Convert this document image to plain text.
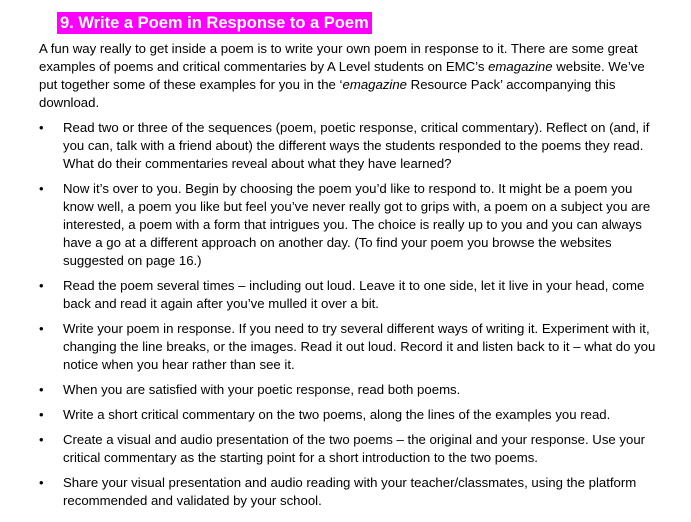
9. Write a Poem in Response to a Poem

A fun way really to get inside a poem is to write your own poem in response to it. There are some great examples of poems and critical commentaries by A Level students on EMC’s emagazine website. We’ve put together some of these examples for you in the ‘emagazine Resource Pack’ accompanying this download.

•	Read two or three of the sequences (poem, poetic response, critical commentary). Reflect on (and, if you can, talk with a friend about) the different ways the students responded to the poems they read. What do their commentaries reveal about what they have learned?
•	Now it’s over to you. Begin by choosing the poem you’d like to respond to. It might be a poem you know well, a poem you like but feel you’ve never really got to grips with, a poem on a subject you are interested, a poem with a form that intrigues you. The choice is really up to you and you can always have a go at a different approach on another day. (To find your poem you browse the websites suggested on page 16.)
•	Read the poem several times – including out loud. Leave it to one side, let it live in your head, come back and read it again after you’ve mulled it over a bit.
•	Write your poem in response. If you need to try several different ways of writing it. Experiment with it, changing the line breaks, or the images. Read it out loud. Record it and listen back to it – what do you notice when you hear rather than see it.
•	When you are satisfied with your poetic response, read both poems.
•	Write a short critical commentary on the two poems, along the lines of the examples you read.
•	Create a visual and audio presentation of the two poems – the original and your response. Use your critical commentary as the starting point for a short introduction to the two poems.
•	Share your visual presentation and audio reading with your teacher/classmates, using the platform recommended and validated by your school.
